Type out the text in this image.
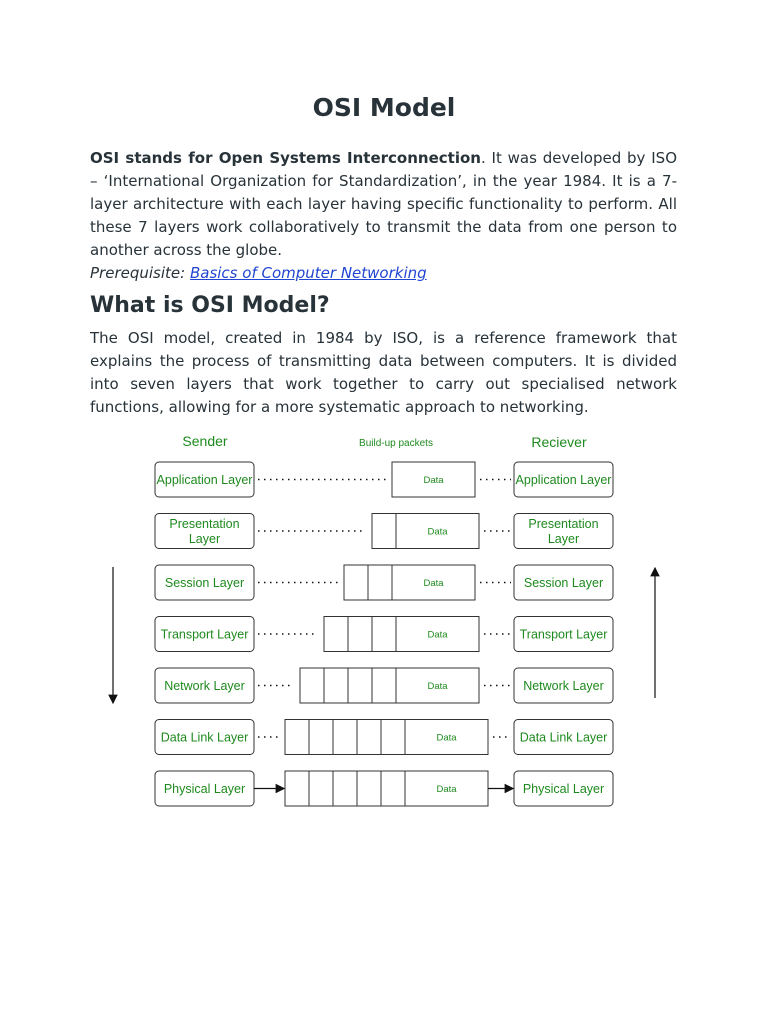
OSI Model

OSI stands for Open Systems Interconnection. It was developed by ISO – ‘International Organization for Standardization’, in the year 1984. It is a 7-layer architecture with each layer having specific functionality to perform. All these 7 layers work collaboratively to transmit the data from one person to another across the globe.

Prerequisite: Basics of Computer Networking

What is OSI Model?

The OSI model, created in 1984 by ISO, is a reference framework that explains the process of transmitting data between computers. It is divided into seven layers that work together to carry out specialised network functions, allowing for a more systematic approach to networking.

Sender	Build-up packets	Reciever
Application Layer	Application Layer
Data
Presentation
Layer
Presentation
Layer
Data
Session Layer	Session Layer
Data
Transport Layer	Transport Layer
Data
Network Layer	Network Layer
Data
Data Link Layer	Data Link Layer
Data
Physical Layer	Physical Layer
Data
